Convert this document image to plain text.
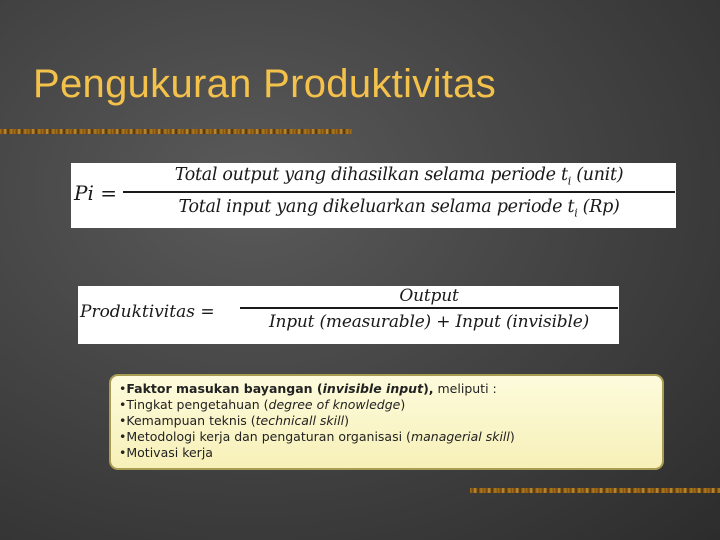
Pengukuran Produktivitas
Pi =
Total output yang dihasilkan selama periode $t_i$ (unit)
Total input yang dikeluarkan selama periode $t_i$ (Rp)
Produktivitas =
Output
Input (measurable) + Input (invisible)
•Faktor masukan bayangan (invisible input), meliputi :
•Tingkat pengetahuan (degree of knowledge)
•Kemampuan teknis (technicall skill)
•Metodologi kerja dan pengaturan organisasi (managerial skill)
•Motivasi kerja
